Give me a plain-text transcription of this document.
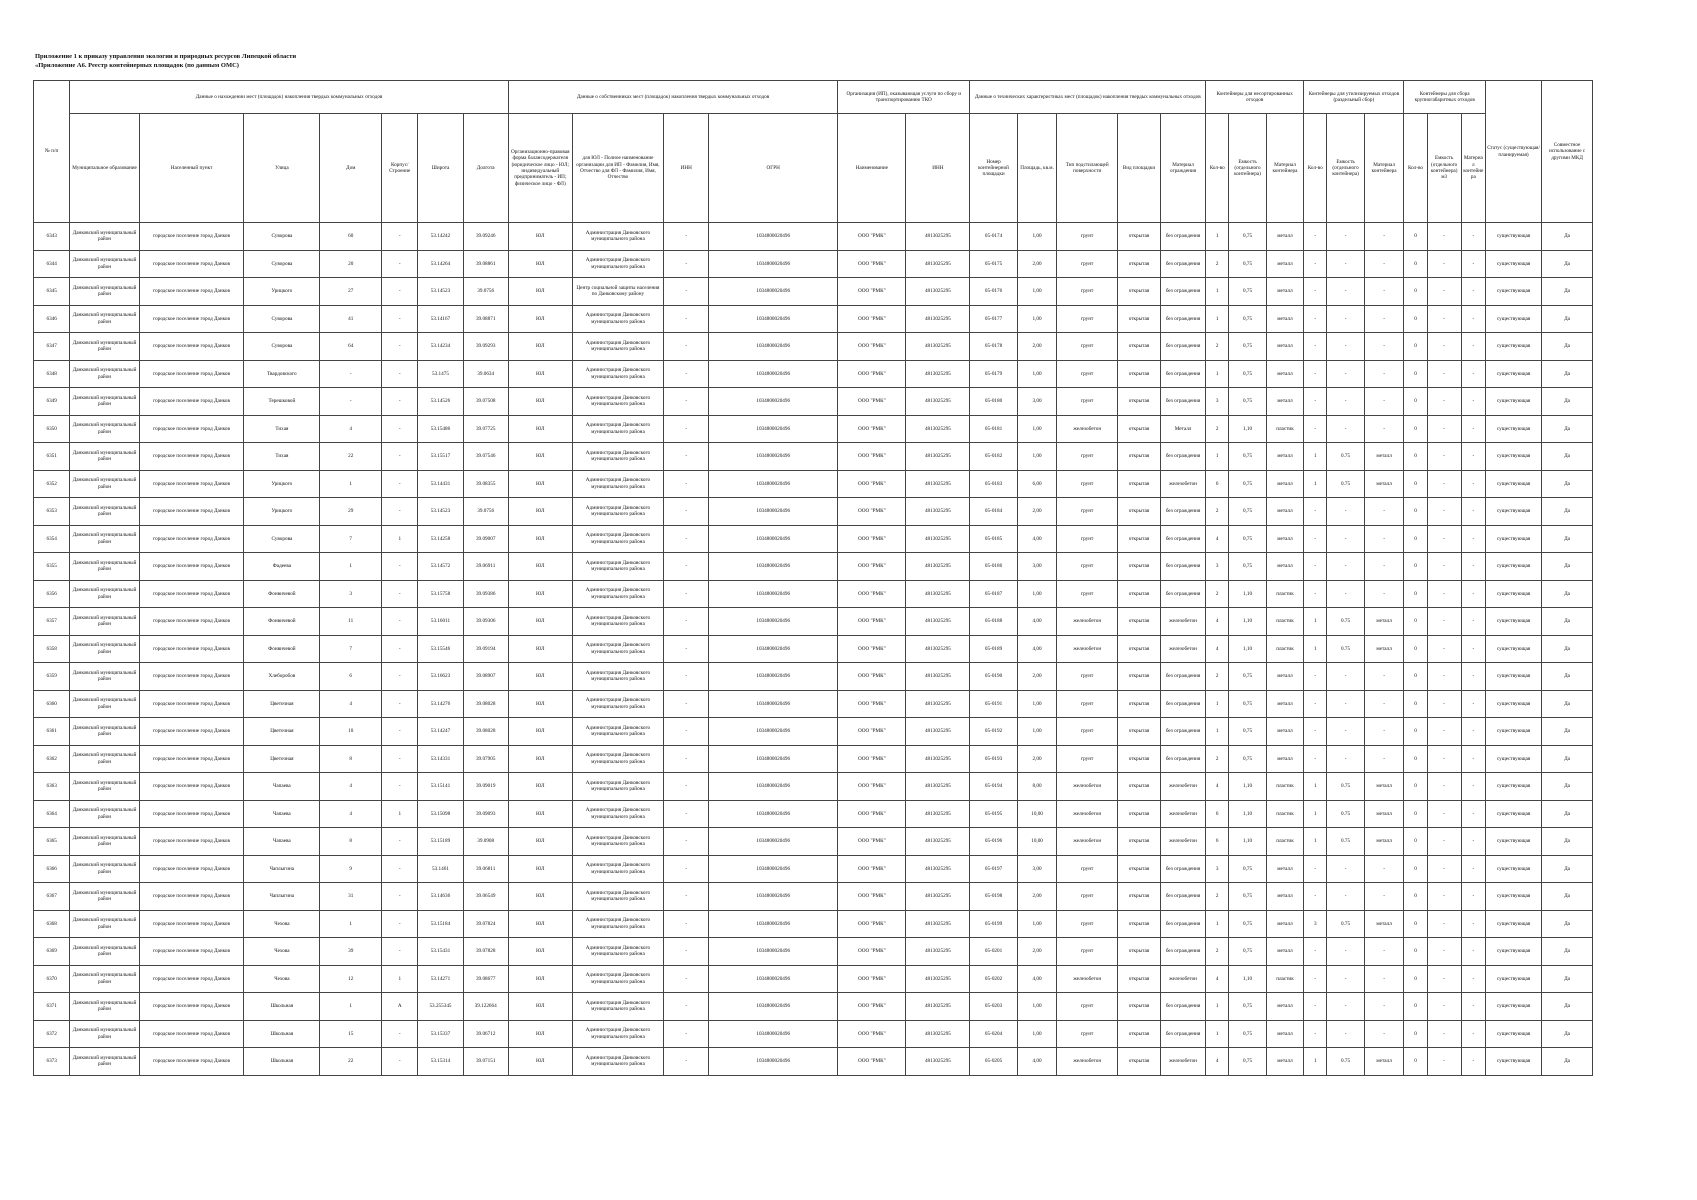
Приложение 1 к приказу управления экологии и природных ресурсов Липецкой области
«Приложение А6. Реестр контейнерных площадок (по данным ОМС)
№ п/п	Данные о нахождении мест (площадок) накопления твердых коммунальных отходов							Данные о собственниках мест (площадок) накопления твердых коммунальных отходов				Организация (ИП), оказывающая услуги по сбору и транспортированию ТКО		Данные о технических характеристиках мест (площадок) накопления твердых коммунальных отходов					Контейнеры для несортированных отходов			Контейнеры для утилизируемых отходов (раздельный сбор)			Контейнеры для сбора крупногабаритных отходов			Статус (существующая/планируемая)	Совместное использование с другими МКД
	Муниципальное образование	Населенный пункт	Улица	Дом	Корпус/Строение	Широта	Долгота	Организационно-правовая форма балансодержателя (юридическое лицо - ЮЛ; индивидуальный предприниматель - ИП; физическое лицо - ФЛ)	для ЮЛ - Полное наименование организации для ИП - Фамилия, Имя, Отчество для ФЛ - Фамилия, Имя, Отчество	ИНН	ОГРН	Наименование	ИНН	Номер контейнерной площадки	Площадь, кв.м.	Тип подстилающей поверхности	Вид площадки	Материал ограждения	Кол-во	Емкость (отдельного контейнера)	Материал контейнера	Кол-во	Емкость (отдельного контейнера)	Материал контейнера	Кол-во	Емкость (отдельного контейнера) м3	Материал контейнера		
6343	Данковский муниципальный район	городское поселение город Данков	Суворова	60	-	53.14242	39.09246	ЮЛ	Администрация Данковского муниципального района	-	1034800020496	ООО "РМК"	4813025295	05-0174	1,00	грунт	открытая	без ограждения	1	0,75	металл	-	-	-	0	-	-	существующая	Да
6344	Данковский муниципальный район	городское поселение город Данков	Суворова	20	-	53.14264	39.08861	ЮЛ	Администрация Данковского муниципального района	-	1034800020496	ООО "РМК"	4813025295	05-0175	2,00	грунт	открытая	без ограждения	2	0,75	металл	-	-	-	0	-	-	существующая	Да
6345	Данковский муниципальный район	городское поселение город Данков	Урицкого	27	-	53.14523	39.0756	ЮЛ	Центр социальной защиты населения по Данковскому району	-	1034800020496	ООО "РМК"	4813025295	05-0176	1,00	грунт	открытая	без ограждения	1	0,75	металл	-	-	-	0	-	-	существующая	Да
6346	Данковский муниципальный район	городское поселение город Данков	Суворова	41	-	53.14167	39.08871	ЮЛ	Администрация Данковского муниципального района	-	1034800020496	ООО "РМК"	4813025295	05-0177	1,00	грунт	открытая	без ограждения	1	0,75	металл	-	-	-	0	-	-	существующая	Да
6347	Данковский муниципальный район	городское поселение город Данков	Суворова	64	-	53.14234	39.09293	ЮЛ	Администрация Данковского муниципального района	-	1034800020496	ООО "РМК"	4813025295	05-0178	2,00	грунт	открытая	без ограждения	2	0,75	металл	-	-	-	0	-	-	существующая	Да
6348	Данковский муниципальный район	городское поселение город Данков	Твардовского	-	-	53.1475	39.0634	ЮЛ	Администрация Данковского муниципального района	-	1034800020496	ООО "РМК"	4813025295	05-0179	1,00	грунт	открытая	без ограждения	1	0,75	металл	-	-	-	0	-	-	существующая	Да
6349	Данковский муниципальный район	городское поселение город Данков	Терешковой	-	-	53.14526	39.07508	ЮЛ	Администрация Данковского муниципального района	-	1034800020496	ООО "РМК"	4813025295	05-0180	3,00	грунт	открытая	без ограждения	3	0,75	металл	-	-	-	0	-	-	существующая	Да
6350	Данковский муниципальный район	городское поселение город Данков	Тихая	4	-	53.15486	39.07725	ЮЛ	Администрация Данковского муниципального района	-	1034800020496	ООО "РМК"	4813025295	05-0181	1,00	железобетон	открытая	Металл	2	1,10	пластик	-	-	-	0	-	-	существующая	Да
6351	Данковский муниципальный район	городское поселение город Данков	Тихая	22	-	53.15517	39.07546	ЮЛ	Администрация Данковского муниципального района	-	1034800020496	ООО "РМК"	4813025295	05-0182	1,00	грунт	открытая	без ограждения	1	0,75	металл	1	0.75	металл	0	-	-	существующая	Да
6352	Данковский муниципальный район	городское поселение город Данков	Урицкого	1	-	53.14431	39.08355	ЮЛ	Администрация Данковского муниципального района	-	1034800020496	ООО "РМК"	4813025295	05-0183	6,00	грунт	открытая	железобетон	6	0,75	металл	1	0.75	металл	0	-	-	существующая	Да
6353	Данковский муниципальный район	городское поселение город Данков	Урицкого	29	-	53.14523	39.0756	ЮЛ	Администрация Данковского муниципального района	-	1034800020496	ООО "РМК"	4813025295	05-0184	2,00	грунт	открытая	без ограждения	2	0,75	металл	-	-	-	0	-	-	существующая	Да
6354	Данковский муниципальный район	городское поселение город Данков	Суворова	7	1	53.14258	39.09007	ЮЛ	Администрация Данковского муниципального района	-	1034800020496	ООО "РМК"	4813025295	05-0185	4,00	грунт	открытая	без ограждения	4	0,75	металл	-	-	-	0	-	-	существующая	Да
6355	Данковский муниципальный район	городское поселение город Данков	Фадеева	1	-	53.14572	39.06911	ЮЛ	Администрация Данковского муниципального района	-	1034800020496	ООО "РМК"	4813025295	05-0186	3,00	грунт	открытая	без ограждения	3	0,75	металл	-	-	-	0	-	-	существующая	Да
6356	Данковский муниципальный район	городское поселение город Данков	Фонвичевой	3	-	53.15758	39.09386	ЮЛ	Администрация Данковского муниципального района	-	1034800020496	ООО "РМК"	4813025295	05-0187	1,00	грунт	открытая	без ограждения	2	1,10	пластик	-	-	-	0	-	-	существующая	Да
6357	Данковский муниципальный район	городское поселение город Данков	Фонвичевой	11	-	53.16011	39.09306	ЮЛ	Администрация Данковского муниципального района	-	1034800020496	ООО "РМК"	4813025295	05-0188	4,00	железобетон	открытая	железобетон	4	1,10	пластик	1	0.75	металл	0	-	-	существующая	Да
6358	Данковский муниципальный район	городское поселение город Данков	Фонвичевой	7	-	53.15546	39.09194	ЮЛ	Администрация Данковского муниципального района	-	1034800020496	ООО "РМК"	4813025295	05-0189	4,00	железобетон	открытая	железобетон	4	1,10	пластик	1	0.75	металл	0	-	-	существующая	Да
6359	Данковский муниципальный район	городское поселение город Данков	Хлеборобов	6	-	53.16623	39.08907	ЮЛ	Администрация Данковского муниципального района	-	1034800020496	ООО "РМК"	4813025295	05-0190	2,00	грунт	открытая	без ограждения	2	0,75	металл	-	-	-	0	-	-	существующая	Да
6360	Данковский муниципальный район	городское поселение город Данков	Цветочная	4	-	53.14276	39.08028	ЮЛ	Администрация Данковского муниципального района	-	1034800020496	ООО "РМК"	4813025295	05-0191	1,00	грунт	открытая	без ограждения	1	0,75	металл	-	-	-	0	-	-	существующая	Да
6361	Данковский муниципальный район	городское поселение город Данков	Цветочная	10	-	53.14247	39.08028	ЮЛ	Администрация Данковского муниципального района	-	1034800020496	ООО "РМК"	4813025295	05-0192	1,00	грунт	открытая	без ограждения	1	0,75	металл	-	-	-	0	-	-	существующая	Да
6362	Данковский муниципальный район	городское поселение город Данков	Цветочная	8	-	53.14331	39.07905	ЮЛ	Администрация Данковского муниципального района	-	1034800020496	ООО "РМК"	4813025295	05-0193	2,00	грунт	открытая	без ограждения	2	0,75	металл	-	-	-	0	-	-	существующая	Да
6363	Данковский муниципальный район	городское поселение город Данков	Чапаева	4	-	53.15141	39.09019	ЮЛ	Администрация Данковского муниципального района	-	1034800020496	ООО "РМК"	4813025295	05-0194	8,00	железобетон	открытая	железобетон	4	1,10	пластик	1	0.75	металл	0	-	-	существующая	Да
6364	Данковский муниципальный район	городское поселение город Данков	Чапаева	4	1	53.15098	39.09093	ЮЛ	Администрация Данковского муниципального района	-	1034800020496	ООО "РМК"	4813025295	05-0195	10,00	железобетон	открытая	железобетон	6	1,10	пластик	1	0.75	металл	0	-	-	существующая	Да
6365	Данковский муниципальный район	городское поселение город Данков	Чапаева	8	-	53.15189	39.0908	ЮЛ	Администрация Данковского муниципального района	-	1034800020496	ООО "РМК"	4813025295	05-0196	10,00	железобетон	открытая	железобетон	6	1,10	пластик	1	0.75	металл	0	-	-	существующая	Да
6366	Данковский муниципальный район	городское поселение город Данков	Чаплыгина	9	-	53.1461	39.06811	ЮЛ	Администрация Данковского муниципального района	-	1034800020496	ООО "РМК"	4813025295	05-0197	3,00	грунт	открытая	без ограждения	3	0,75	металл	-	-	-	0	-	-	существующая	Да
6367	Данковский муниципальный район	городское поселение город Данков	Чаплыгина	31	-	53.14636	39.06549	ЮЛ	Администрация Данковского муниципального района	-	1034800020496	ООО "РМК"	4813025295	05-0198	2,00	грунт	открытая	без ограждения	2	0,75	металл	-	-	-	0	-	-	существующая	Да
6368	Данковский муниципальный район	городское поселение город Данков	Чехова	1	-	53.15184	39.07824	ЮЛ	Администрация Данковского муниципального района	-	1034800020496	ООО "РМК"	4813025295	05-0199	1,00	грунт	открытая	без ограждения	1	0,75	металл	3	0.75	металл	0	-	-	существующая	Да
6369	Данковский муниципальный район	городское поселение город Данков	Чехова	39	-	53.15431	39.07828	ЮЛ	Администрация Данковского муниципального района	-	1034800020496	ООО "РМК"	4813025295	05-0201	2,00	грунт	открытая	без ограждения	2	0,75	металл	-	-	-	0	-	-	существующая	Да
6370	Данковский муниципальный район	городское поселение город Данков	Чехова	12	1	53.14271	39.08677	ЮЛ	Администрация Данковского муниципального района	-	1034800020496	ООО "РМК"	4813025295	05-0202	4,00	железобетон	открытая	железобетон	4	1,10	пластик	-	-	-	0	-	-	существующая	Да
6371	Данковский муниципальный район	городское поселение город Данков	Школьная	1	А	53.255345	39.122664	ЮЛ	Администрация Данковского муниципального района	-	1034800020496	ООО "РМК"	4813025295	05-0203	1,00	грунт	открытая	без ограждения	1	0,75	металл	-	-	-	0	-	-	существующая	Да
6372	Данковский муниципальный район	городское поселение город Данков	Школьная	15	-	53.15337	39.06712	ЮЛ	Администрация Данковского муниципального района	-	1034800020496	ООО "РМК"	4813025295	05-0204	1,00	грунт	открытая	без ограждения	1	0,75	металл	-	-	-	0	-	-	существующая	Да
6373	Данковский муниципальный район	городское поселение город Данков	Школьная	22	-	53.15314	39.07151	ЮЛ	Администрация Данковского муниципального района	-	1034800020496	ООО "РМК"	4813025295	05-0205	4,00	железобетон	открытая	железобетон	4	0,75	металл	1	0.75	металл	0	-	-	существующая	Да
